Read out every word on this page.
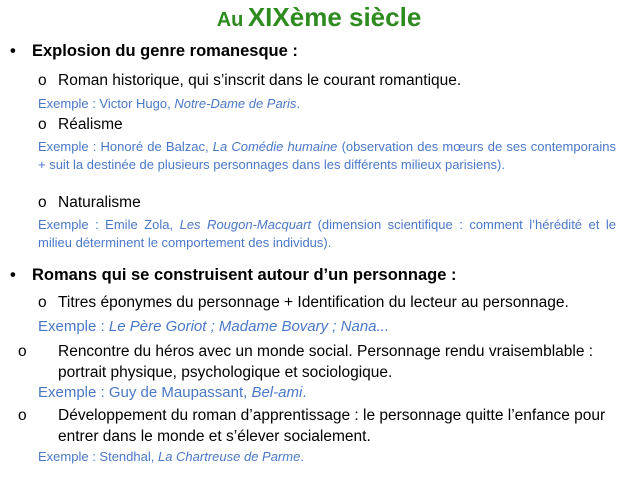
Au XIXème siècle
• Explosion du genre romanesque :
o Roman historique, qui s’inscrit dans le courant romantique.
Exemple : Victor Hugo, Notre-Dame de Paris.
o Réalisme
Exemple : Honoré de Balzac, La Comédie humaine (observation des mœurs de ses contemporains + suit la destinée de plusieurs personnages dans les différents milieux parisiens).
o Naturalisme
Exemple : Emile Zola, Les Rougon-Macquart (dimension scientifique : comment l’hérédité et le milieu déterminent le comportement des individus).
• Romans qui se construisent autour d’un personnage :
o Titres éponymes du personnage + Identification du lecteur au personnage.
Exemple : Le Père Goriot ; Madame Bovary ; Nana...
o Rencontre du héros avec un monde social. Personnage rendu vraisemblable : portrait physique, psychologique et sociologique.
Exemple : Guy de Maupassant, Bel-ami.
o Développement du roman d’apprentissage : le personnage quitte l’enfance pour entrer dans le monde et s’élever socialement.
Exemple : Stendhal, La Chartreuse de Parme.
